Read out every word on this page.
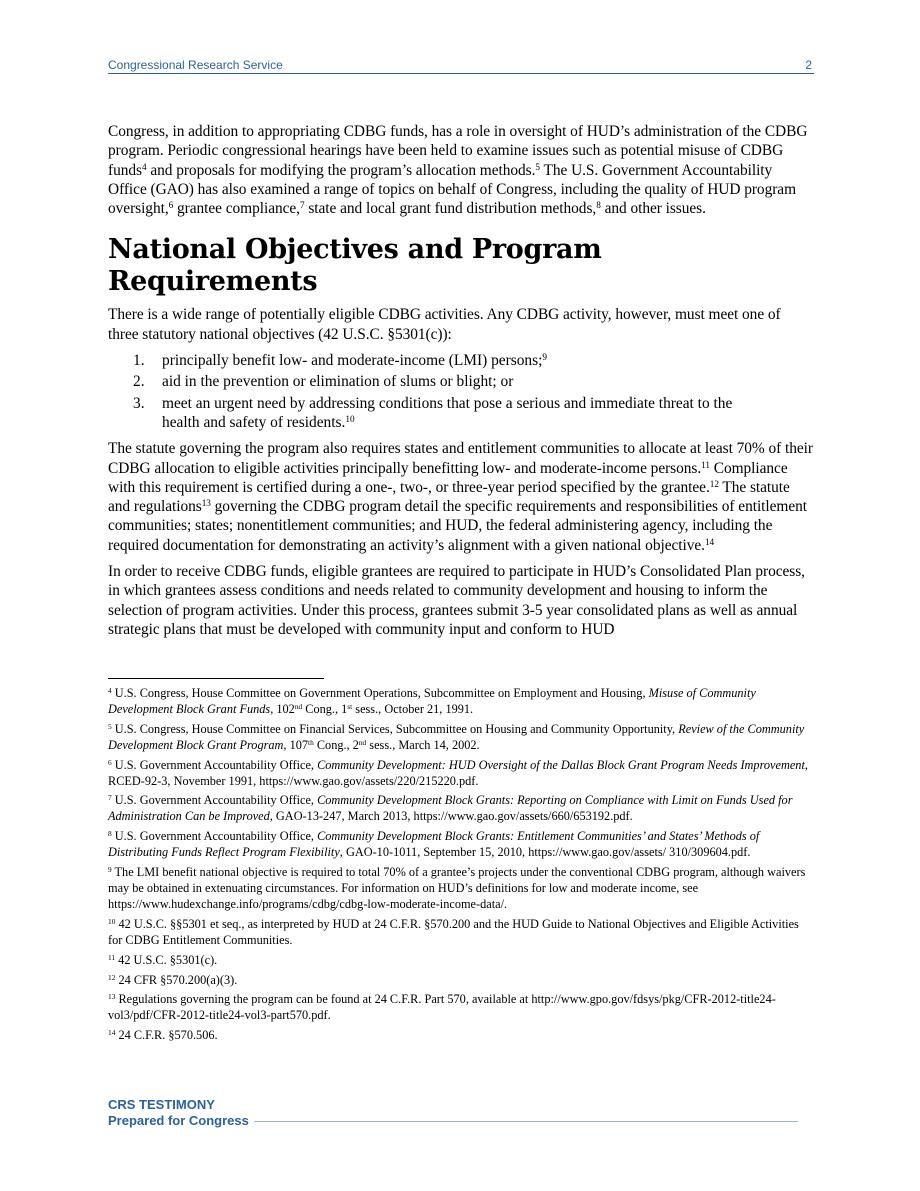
Congressional Research Service	2

Congress, in addition to appropriating CDBG funds, has a role in oversight of HUD’s administration of the CDBG program. Periodic congressional hearings have been held to examine issues such as potential misuse of CDBG funds$^4$ and proposals for modifying the program’s allocation methods.$^5$ The U.S. Government Accountability Office (GAO) has also examined a range of topics on behalf of Congress, including the quality of HUD program oversight,$^6$ grantee compliance,$^7$ state and local grant fund distribution methods,$^8$ and other issues.

National Objectives and Program Requirements

There is a wide range of potentially eligible CDBG activities. Any CDBG activity, however, must meet one of three statutory national objectives (42 U.S.C. §5301(c)):

1. principally benefit low- and moderate-income (LMI) persons;$^9$
2. aid in the prevention or elimination of slums or blight; or
3. meet an urgent need by addressing conditions that pose a serious and immediate threat to the health and safety of residents.$^{10}$

The statute governing the program also requires states and entitlement communities to allocate at least 70% of their CDBG allocation to eligible activities principally benefitting low- and moderate-income persons.$^{11}$ Compliance with this requirement is certified during a one-, two-, or three-year period specified by the grantee.$^{12}$ The statute and regulations$^{13}$ governing the CDBG program detail the specific requirements and responsibilities of entitlement communities; states; nonentitlement communities; and HUD, the federal administering agency, including the required documentation for demonstrating an activity’s alignment with a given national objective.$^{14}$

In order to receive CDBG funds, eligible grantees are required to participate in HUD’s Consolidated Plan process, in which grantees assess conditions and needs related to community development and housing to inform the selection of program activities. Under this process, grantees submit 3-5 year consolidated plans as well as annual strategic plans that must be developed with community input and conform to HUD

$^4$ U.S. Congress, House Committee on Government Operations, Subcommittee on Employment and Housing, Misuse of Community Development Block Grant Funds, 102nd Cong., 1st sess., October 21, 1991.

$^5$ U.S. Congress, House Committee on Financial Services, Subcommittee on Housing and Community Opportunity, Review of the Community Development Block Grant Program, 107th Cong., 2nd sess., March 14, 2002.

$^6$ U.S. Government Accountability Office, Community Development: HUD Oversight of the Dallas Block Grant Program Needs Improvement, RCED-92-3, November 1991, https://www.gao.gov/assets/220/215220.pdf.

$^7$ U.S. Government Accountability Office, Community Development Block Grants: Reporting on Compliance with Limit on Funds Used for Administration Can be Improved, GAO-13-247, March 2013, https://www.gao.gov/assets/660/653192.pdf.

$^8$ U.S. Government Accountability Office, Community Development Block Grants: Entitlement Communities’ and States’ Methods of Distributing Funds Reflect Program Flexibility, GAO-10-1011, September 15, 2010, https://www.gao.gov/assets/ 310/309604.pdf.

$^9$ The LMI benefit national objective is required to total 70% of a grantee’s projects under the conventional CDBG program, although waivers may be obtained in extenuating circumstances. For information on HUD’s definitions for low and moderate income, see https://www.hudexchange.info/programs/cdbg/cdbg-low-moderate-income-data/.

$^{10}$ 42 U.S.C. §§5301 et seq., as interpreted by HUD at 24 C.F.R. §570.200 and the HUD Guide to National Objectives and Eligible Activities for CDBG Entitlement Communities.

$^{11}$ 42 U.S.C. §5301(c).

$^{12}$ 24 CFR §570.200(a)(3).

$^{13}$ Regulations governing the program can be found at 24 C.F.R. Part 570, available at http://www.gpo.gov/fdsys/pkg/CFR-2012-title24-vol3/pdf/CFR-2012-title24-vol3-part570.pdf.

$^{14}$ 24 C.F.R. §570.506.

CRS TESTIMONY
Prepared for Congress
